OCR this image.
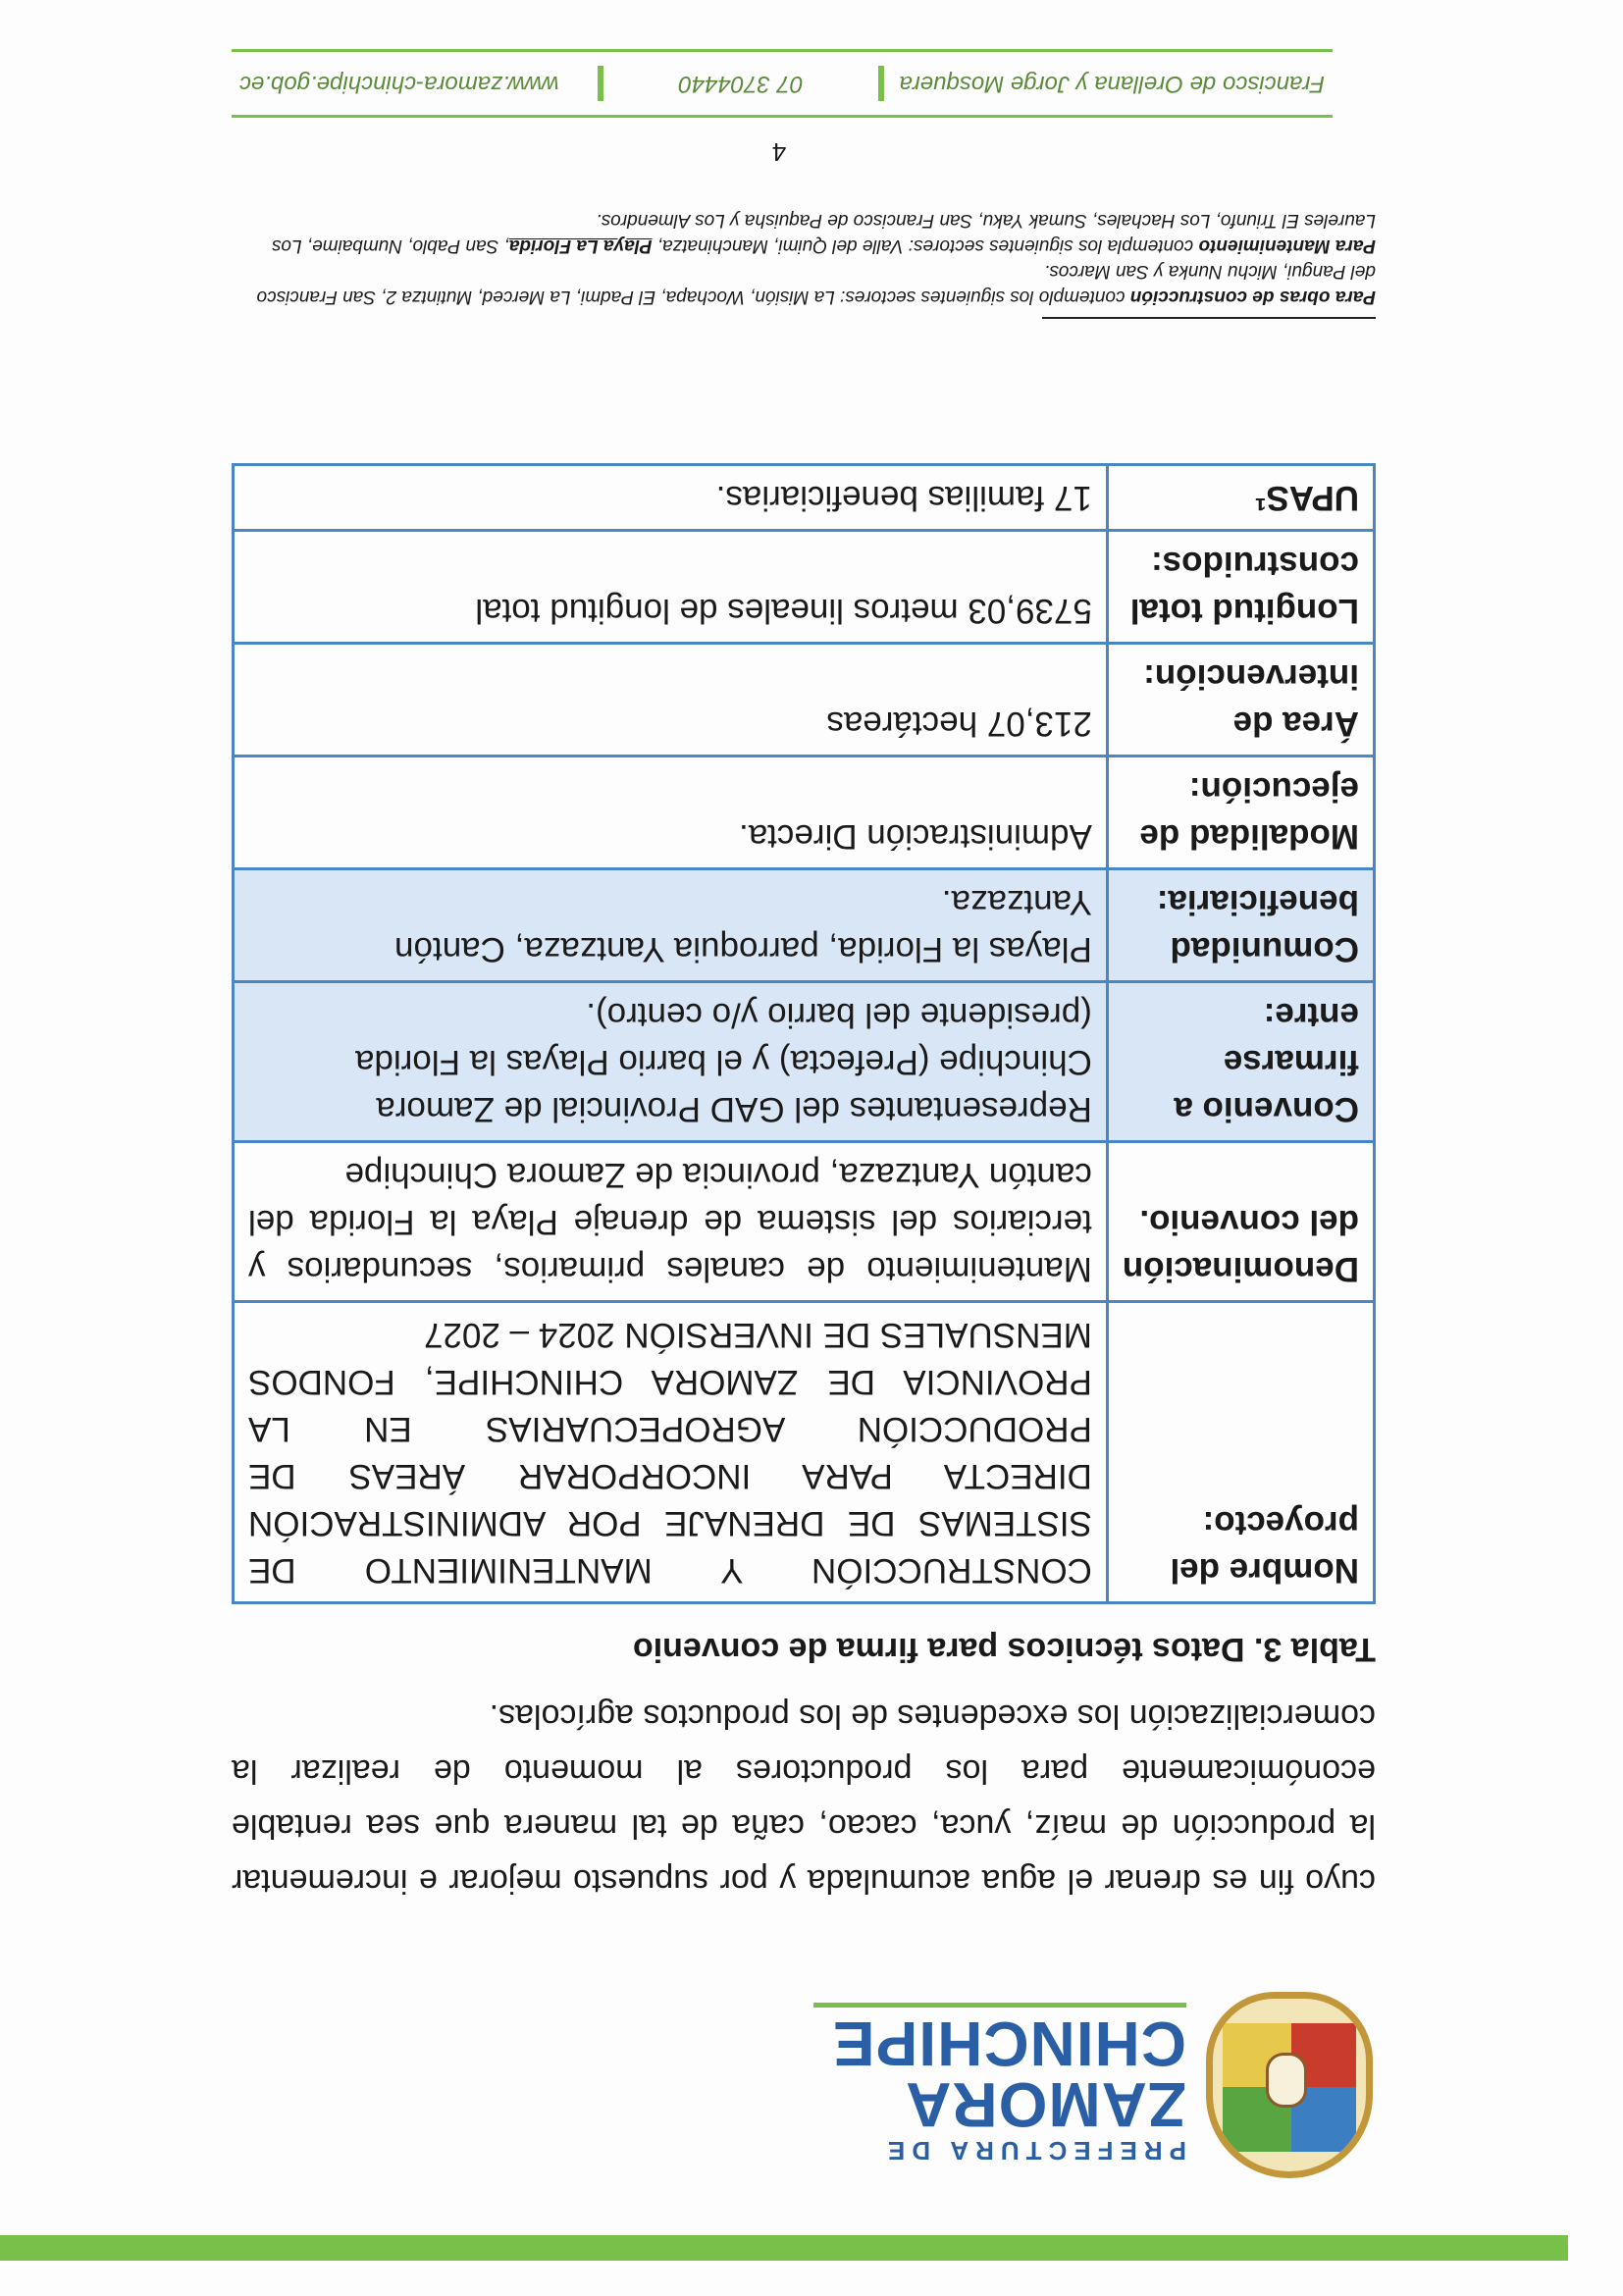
PREFECTURA DE
ZAMORA
CHINCHIPE

cuyo fin es drenar el agua acumulada y por supuesto mejorar e incrementar la producción de maíz, yuca, cacao, caña de tal manera que sea rentable económicamente para los productores al momento de realizar la comercialización los excedentes de los productos agrícolas.

Tabla 3. Datos técnicos para firma de convenio

Nombre del proyecto:	CONSTRUCCIÓN Y MANTENIMIENTO DE SISTEMAS DE DRENAJE POR ADMINISTRACIÓN DIRECTA PARA INCORPORAR ÁREAS DE PRODUCCIÓN AGROPECUARIAS EN LA PROVINCIA DE ZAMORA CHINCHIPE, FONDOS MENSUALES DE INVERSIÓN 2024 – 2027
Denominación del convenio.	Mantenimiento de canales primarios, secundarios y terciarios del sistema de drenaje Playa la Florida del cantón Yantzaza, provincia de Zamora Chinchipe
Convenio a firmarse entre:	Representantes del GAD Provincial de Zamora Chinchipe (Prefecta) y el barrio Playas la Florida (presidente del barrio y/o centro).
Comunidad beneficiaria:	Playas la Florida, parroquia Yantzaza, Cantón Yantzaza.
Modalidad de ejecución:	Administración Directa.
Área de intervención:	213,07 hectáreas
Longitud total construidos:	5739,03 metros lineales de longitud total
UPAS¹	17 familias beneficiarias.

Para obras de construcción contemplo los siguientes sectores: La Misión, Wochapa, El Padmi, La Merced, Mutintza 2, San Francisco del Pangui, Michu Nunka y San Marcos.
Para Mantenimiento contempla los siguientes sectores: Valle del Quimi, Manchinatza, Playa La Florida, San Pablo, Numbaime, Los Laureles El Triunfo, Los Hachales, Sumak Yaku, San Francisco de Paquisha y Los Almendros.

4
Francisco de Orellana y Jorge Mosquera
07 3704440
www.zamora-chinchipe.gob.ec
